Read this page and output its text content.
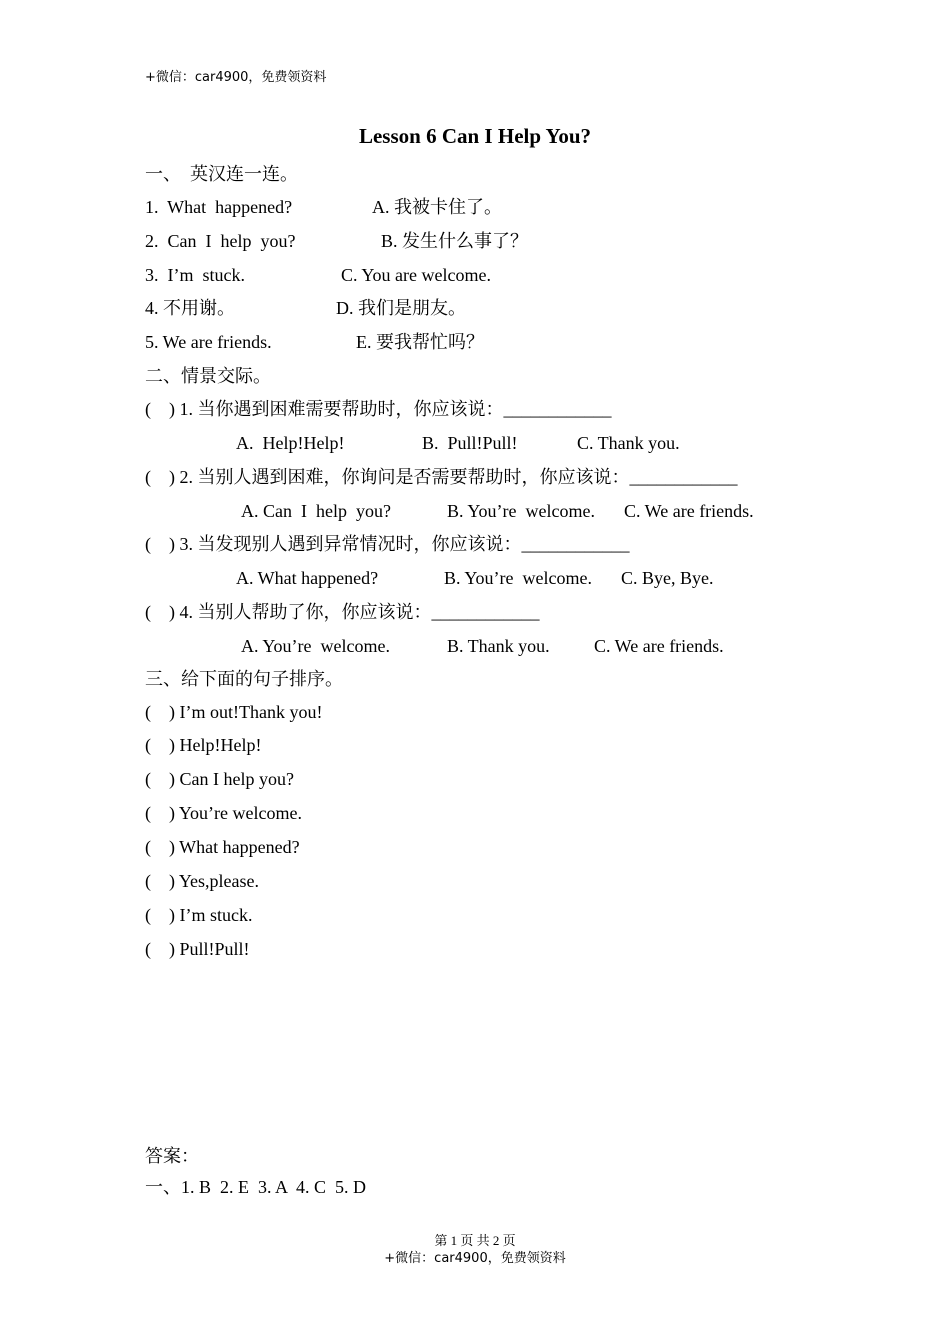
+微信：car4900，免费领资料
Lesson 6 Can I Help You?
一、  英汉连一连。
1.  What  happened?	A. 我被卡住了。
2.  Can  I  help  you?	B. 发生什么事了？
3.  I’m  stuck.	C. You are welcome.
4. 不用谢。	D. 我们是朋友。
5. We are friends.	E. 要我帮忙吗？
二、情景交际。
(    ) 1. 当你遇到困难需要帮助时，你应该说：____________
A.  Help!Help!	B.  Pull!Pull!	C. Thank you.
(    ) 2. 当别人遇到困难，你询问是否需要帮助时，你应该说：____________
A. Can  I  help  you?	B. You’re  welcome. C. We are friends.
(    ) 3. 当发现别人遇到异常情况时，你应该说：____________
A. What happened?	B. You’re  welcome. C. Bye, Bye.
(    ) 4. 当别人帮助了你，你应该说：____________
A. You’re  welcome.	B. Thank you. C. We are friends.
三、给下面的句子排序。
(    ) I’m out!Thank you!
(    ) Help!Help!
(    ) Can I help you?
(    ) You’re welcome.
(    ) What happened?
(    ) Yes,please.
(    ) I’m stuck.
(    ) Pull!Pull!
答案：
一、1. B  2. E  3. A  4. C  5. D
第 1 页 共 2 页
+微信：car4900，免费领资料
